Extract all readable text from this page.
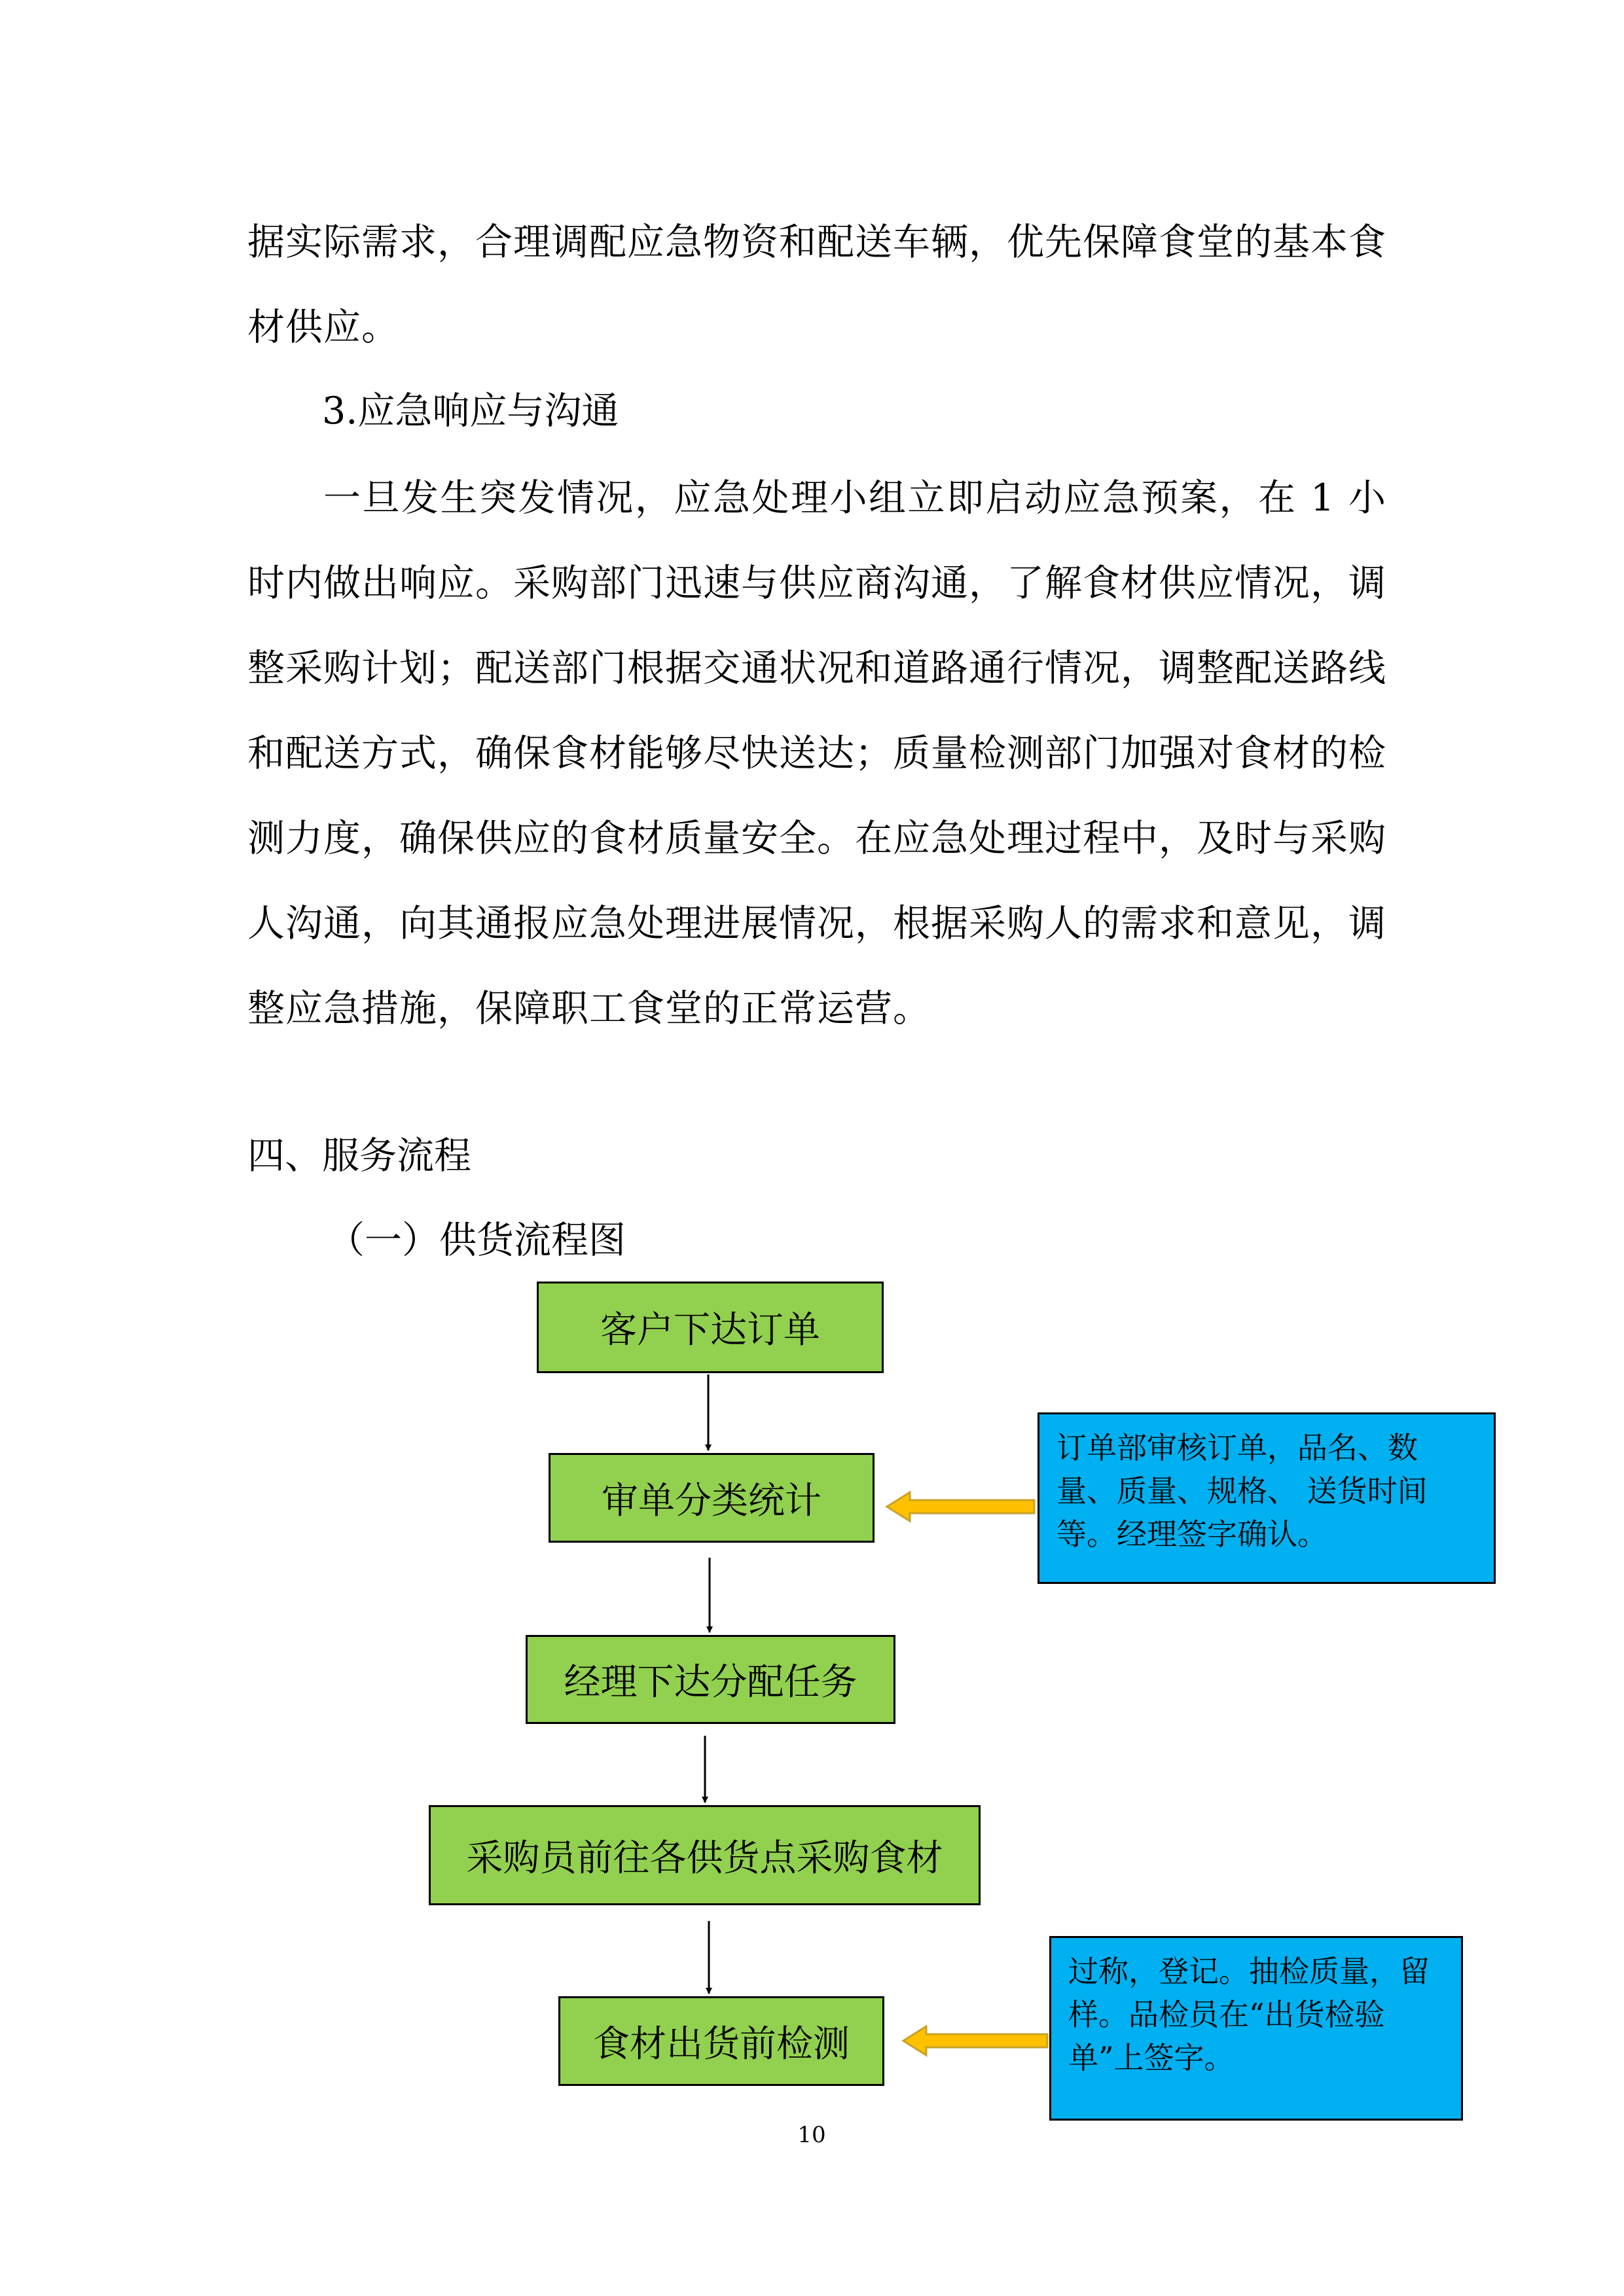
据实际需求，合理调配应急物资和配送车辆，优先保障食堂的基本食材供应。

3.应急响应与沟通

一旦发生突发情况，应急处理小组立即启动应急预案，在 1 小时内做出响应。采购部门迅速与供应商沟通，了解食材供应情况，调整采购计划；配送部门根据交通状况和道路通行情况，调整配送路线和配送方式，确保食材能够尽快送达；质量检测部门加强对食材的检测力度，确保供应的食材质量安全。在应急处理过程中，及时与采购人沟通，向其通报应急处理进展情况，根据采购人的需求和意见，调整应急措施，保障职工食堂的正常运营。

四、服务流程

（一）供货流程图

客户下达订单
审单分类统计
经理下达分配任务
采购员前往各供货点采购食材
食材出货前检测
订单部审核订单，品名、数量、质量、规格、 送货时间等。经理签字确认。
过称，登记。抽检质量，留样。品检员在“出货检验单”上签字。
10
